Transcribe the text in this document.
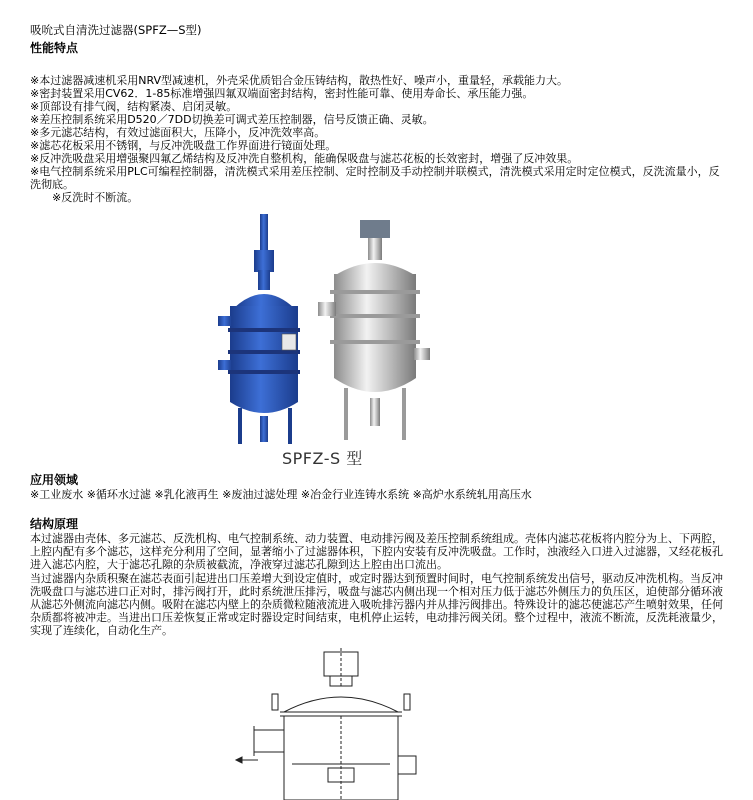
吸吮式自清洗过滤器(SPFZ—S型)

性能特点

※本过滤器减速机采用NRV型减速机，外壳采优质铝合金压铸结构，散热性好、噪声小，重量轻，承载能力大。

※密封装置采用CV62．1-85标准增强四氟双端面密封结构，密封性能可靠、使用寿命长、承压能力强。

※顶部设有排气阀，结构紧凑、启闭灵敏。

※差压控制系统采用D520／7DD切换差可调式差压控制器，信号反馈正确、灵敏。

※多元滤芯结构，有效过滤面积大，压降小，反冲洗效率高。

※滤芯花板采用不锈钢，与反冲洗吸盘工作界面进行镜面处理。

※反冲洗吸盘采用增强聚四氟乙烯结构及反冲洗自整机构，能确保吸盘与滤芯花板的长效密封，增强了反冲效果。

※电气控制系统采用PLC可编程控制器，清洗模式采用差压控制、定时控制及手动控制并联模式，清洗模式采用定时定位模式，反洗流量小，反洗彻底。

※反洗时不断流。

SPFZ-S 型

应用领域

※工业废水 ※循环水过滤 ※乳化液再生 ※废油过滤处理 ※冶金行业连铸水系统 ※高炉水系统轧用高压水

结构原理

本过滤器由壳体、多元滤芯、反洗机构、电气控制系统、动力装置、电动排污阀及差压控制系统组成。壳体内滤芯花板将内腔分为上、下两腔，上腔内配有多个滤芯，这样充分利用了空间，显著缩小了过滤器体积，下腔内安装有反冲洗吸盘。工作时，浊液经入口进入过滤器，又经花板孔进入滤芯内腔，大于滤芯孔隙的杂质被截流，净液穿过滤芯孔隙到达上腔由出口流出。

当过滤器内杂质积聚在滤芯表面引起进出口压差增大到设定值时，或定时器达到预置时间时，电气控制系统发出信号，驱动反冲洗机构。当反冲洗吸盘口与滤芯进口正对时，排污阀打开，此时系统泄压排污，吸盘与滤芯内侧出现一个相对压力低于滤芯外侧压力的负压区，迫使部分循环液从滤芯外侧流向滤芯内侧。吸附在滤芯内壁上的杂质微粒随液流进入吸吮排污器内并从排污阀排出。特殊设计的滤芯使滤芯产生喷射效果，任何杂质都将被冲走。当进出口压差恢复正常或定时器设定时间结束，电机停止运转，电动排污阀关闭。整个过程中，液流不断流，反洗耗液量少，实现了连续化，自动化生产。
